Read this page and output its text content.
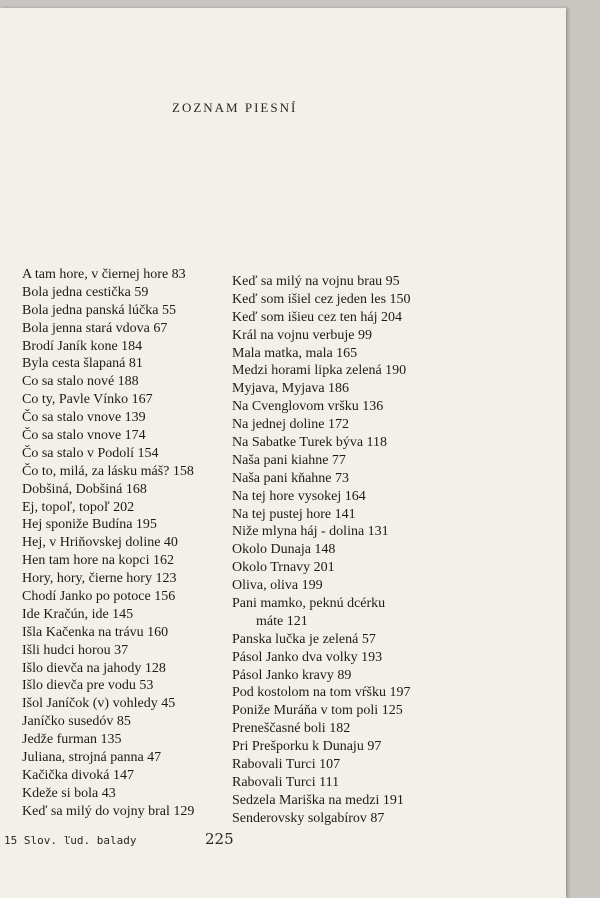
ZOZNAM PIESNÍ
A tam hore, v čiernej hore 83
Bola jedna cestička 59
Bola jedna panská lúčka 55
Bola jenna stará vdova 67
Brodí Janík kone 184
Byla cesta šlapaná 81
Co sa stalo nové 188
Co ty, Pavle Vínko 167
Čo sa stalo vnove 139
Čo sa stalo vnove 174
Čo sa stalo v Podolí 154
Čo to, milá, za lásku máš? 158
Dobšiná, Dobšiná 168
Ej, topoľ, topoľ 202
Hej sponiže Budína 195
Hej, v Hriňovskej doline 40
Hen tam hore na kopci 162
Hory, hory, čierne hory 123
Chodí Janko po potoce 156
Ide Kračún, ide 145
Išla Kačenka na trávu 160
Išli hudci horou 37
Išlo dievča na jahody 128
Išlo dievča pre vodu 53
Išol Janíčok (v) vohledy 45
Janíčko susedóv 85
Jedže furman 135
Juliana, strojná panna 47
Kačička divoká 147
Kdeže si bola 43
Keď sa milý do vojny bral 129
Keď sa milý na vojnu brau 95
Keď som išiel cez jeden les 150
Keď som išieu cez ten háj 204
Král na vojnu verbuje 99
Mala matka, mala 165
Medzi horami lipka zelená 190
Myjava, Myjava 186
Na Cvenglovom vršku 136
Na jednej doline 172
Na Sabatke Turek býva 118
Naša pani kiahne 77
Naša pani kňahne 73
Na tej hore vysokej 164
Na tej pustej hore 141
Niže mlyna háj - dolina 131
Okolo Dunaja 148
Okolo Trnavy 201
Oliva, oliva 199
Pani mamko, peknú dcérku
máte 121
Panska lučka je zelená 57
Pásol Janko dva volky 193
Pásol Janko kravy 89
Pod kostolom na tom vŕšku 197
Poniže Muráňa v tom poli 125
Preneščasné boli 182
Pri Prešporku k Dunaju 97
Rabovali Turci 107
Rabovali Turci 111
Sedzela Mariška na medzi 191
Senderovsky solgabírov 87
15 Slov. ľud. balady	225
